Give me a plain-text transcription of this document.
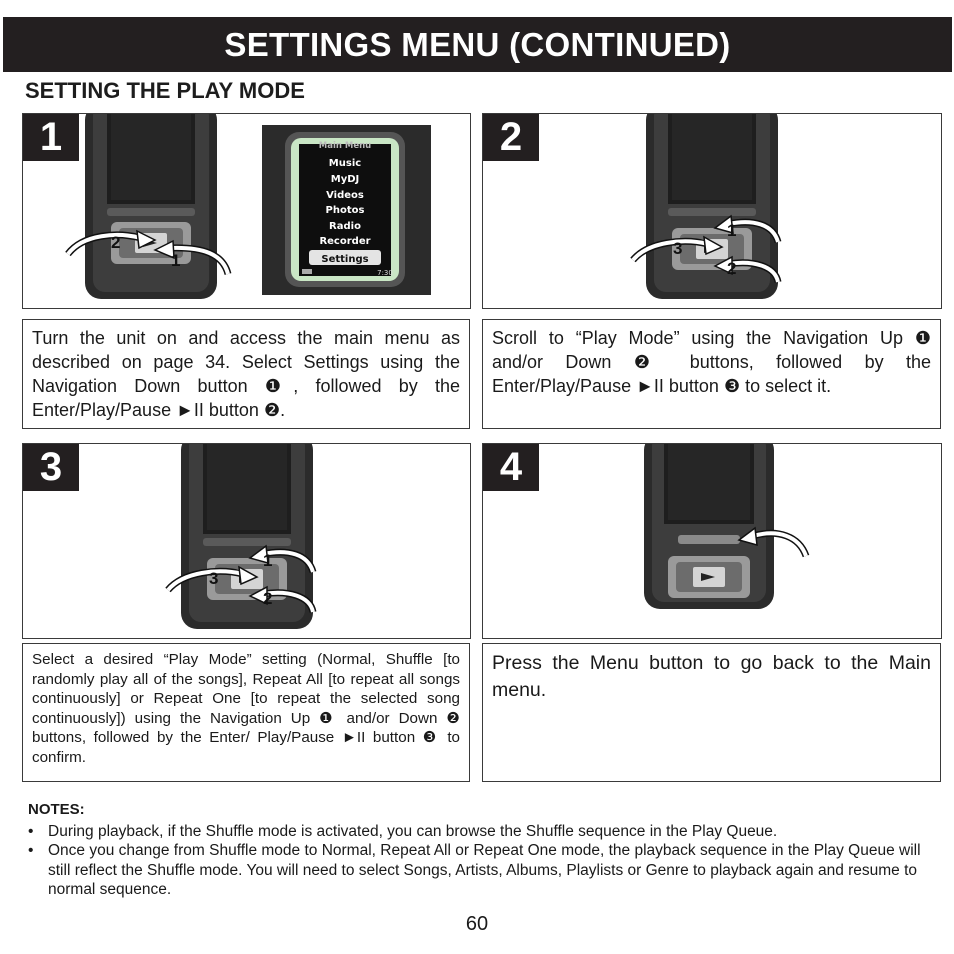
SETTINGS MENU (CONTINUED)
SETTING THE PLAY MODE
2
1
Main Menu
Music
MyDJ
Videos
Photos
Radio
Recorder
Settings
7:30
1
1
3
2
2

Turn the unit on and access the main menu as described on page 34. Select Settings using the Navigation Down button ❶, followed by the Enter/Play/Pause ►II button ❷.

Scroll to “Play Mode” using the Navigation Up ❶ and/or Down ❷ buttons, followed by the Enter/Play/Pause ►II button ❸ to select it.

1
3
2
3	4

Select a desired “Play Mode” setting (Normal, Shuffle [to randomly play all of the songs], Repeat All [to repeat all songs continuously] or Repeat One [to repeat the selected song continuously]) using the Navigation Up ❶ and/or Down ❷ buttons, followed by the Enter/ Play/Pause ►II button ❸ to confirm.

Press the Menu button to go back to the Main menu.

NOTES:
• During playback, if the Shuffle mode is activated, you can browse the Shuffle sequence in the Play Queue.
• Once you change from Shuffle mode to Normal, Repeat All or Repeat One mode, the playback sequence in the Play Queue will still reflect the Shuffle mode. You will need to select Songs, Artists, Albums, Playlists or Genre to playback again and resume to normal sequence.
60
